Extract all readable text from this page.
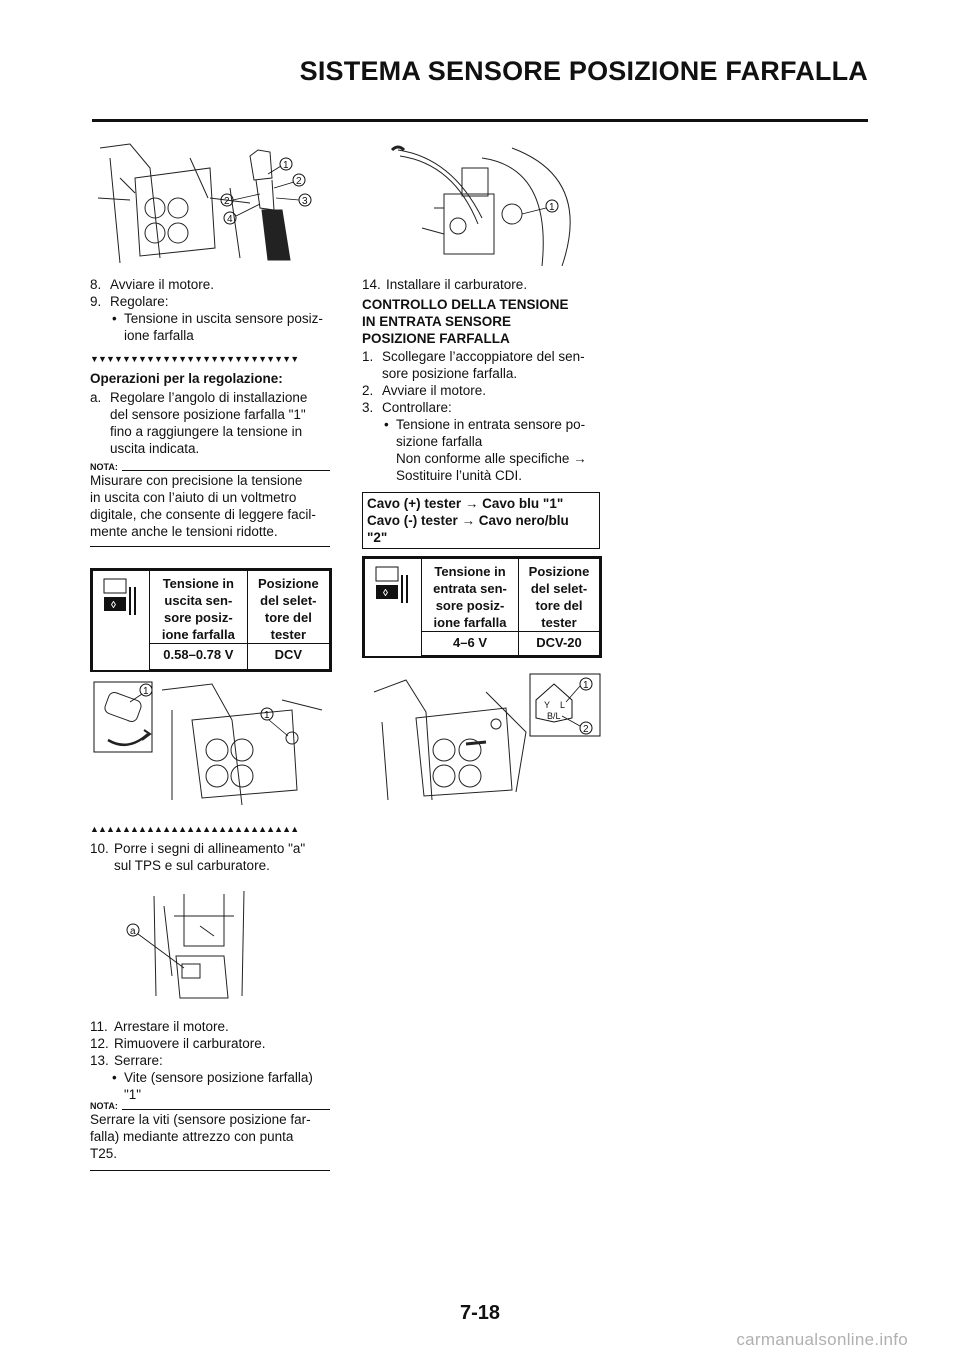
SISTEMA SENSORE POSIZIONE FARFALLA
1
2
2	3
4
8. Avviare il motore.
9. Regolare:
• Tensione in uscita sensore posiz-
ione farfalla
▼▼▼▼▼▼▼▼▼▼▼▼▼▼▼▼▼▼▼▼▼▼▼▼▼▼
Operazioni per la regolazione:
a. Regolare l’angolo di installazione
del sensore posizione farfalla "1"
fino a raggiungere la tensione in
uscita indicata.
NOTA:
Misurare con precisione la tensione
in uscita con l’aiuto di un voltmetro
digitale, che consente di leggere facil-
mente anche le tensioni ridotte.
◊	Tensione in
uscita sen-
sore posiz-
ione farfalla	Posizione
del selet-
tore del
tester
	0.58–0.78 V	DCV
1
1
▲▲▲▲▲▲▲▲▲▲▲▲▲▲▲▲▲▲▲▲▲▲▲▲▲▲
10. Porre i segni di allineamento "a"
sul TPS e sul carburatore.
a
11. Arrestare il motore.
12. Rimuovere il carburatore.
13. Serrare:
• Vite (sensore posizione farfalla)
"1"
NOTA:
Serrare la viti (sensore posizione far-
falla) mediante attrezzo con punta
T25.
1
14. Installare il carburatore.
CONTROLLO DELLA TENSIONE
IN ENTRATA SENSORE
POSIZIONE FARFALLA
1. Scollegare l’accoppiatore del sen-
sore posizione farfalla.
2. Avviare il motore.
3. Controllare:
• Tensione in entrata sensore po-
sizione farfalla
Non conforme alle specifiche →
Sostituire l’unità CDI.
Cavo (+) tester → Cavo blu "1"
Cavo (-) tester → Cavo nero/blu
"2"
◊	Tensione in
entrata sen-
sore posiz-
ione farfalla	Posizione
del selet-
tore del
tester
	4–6 V	DCV-20
Y L
B/L
1
2
7-18
carmanualsonline.info
